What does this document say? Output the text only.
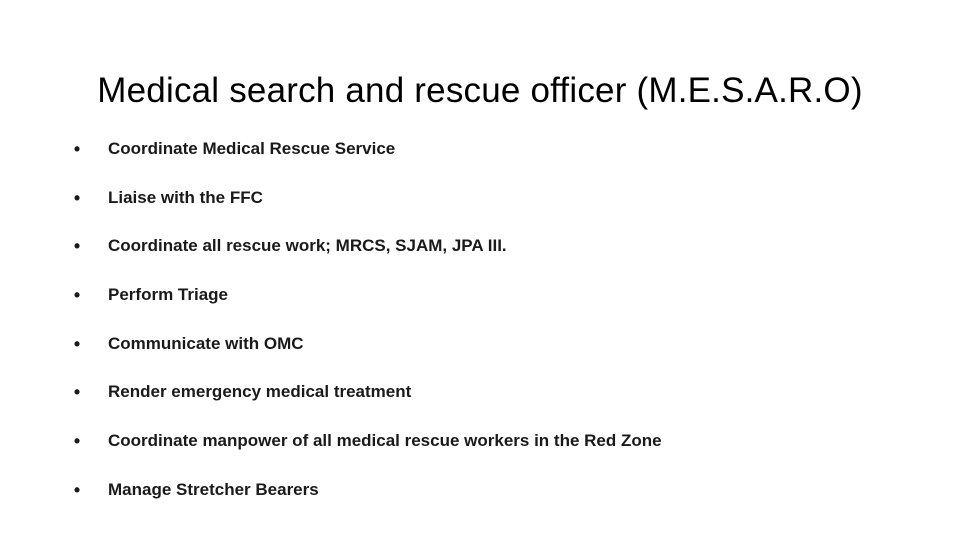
Medical search and rescue officer (M.E.S.A.R.O)
• Coordinate Medical Rescue Service
• Liaise with the FFC
• Coordinate all rescue work; MRCS, SJAM, JPA III.
• Perform Triage
• Communicate with OMC
• Render emergency medical treatment
• Coordinate manpower of all medical rescue workers in the Red Zone
• Manage Stretcher Bearers
